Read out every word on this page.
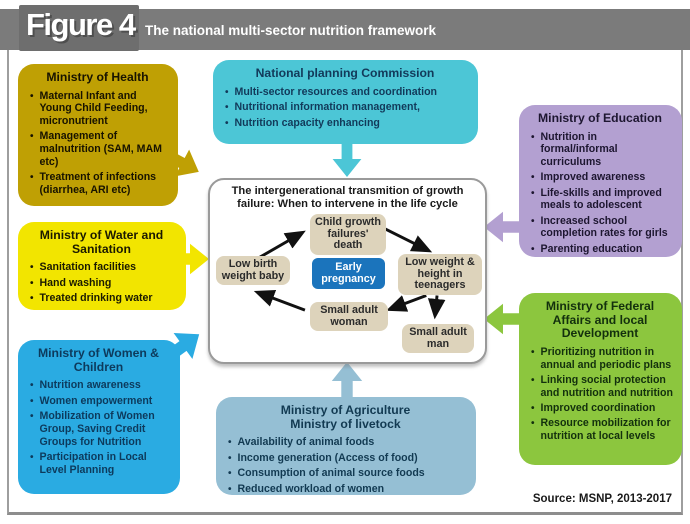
Figure 4 The national multi-sector nutrition framework
Ministry of Health
• Maternal Infant and Young Child Feeding, micronutrient
• Management of malnutrition (SAM, MAM etc)
• Treatment of infections (diarrhea, ARI etc)
Ministry of Water and Sanitation
• Sanitation facilities
• Hand washing
• Treated drinking water
Ministry of Women & Children
• Nutrition awareness
• Women empowerment
• Mobilization of Women Group, Saving Credit Groups for Nutrition
• Participation in Local Level Planning
National planning Commission
• Multi-sector resources and coordination
• Nutritional information management,
• Nutrition capacity enhancing	Ministry of Education
• Nutrition in formal/informal curriculums
• Improved awareness
• Life-skills and improved meals to adolescent
• Increased school completion rates for girls
• Parenting education
Ministry of Federal Affairs and local Development
• Prioritizing nutrition in annual and periodic plans
• Linking social protection and nutrition and nutrition
• Improved coordination
• Resource mobilization for nutrition at local levels
Ministry of Agriculture
Ministry of livetock
• Availability of animal foods
• Income generation (Access of food)
• Consumption of animal source foods
• Reduced workload of women
The intergenerational transmition of growth failure: When to intervene in the life cycle
Child growth failures' death
Low birth weight baby
Early pregnancy
Low weight & height in teenagers
Small adult woman
Small adult man
Source: MSNP, 2013-2017
